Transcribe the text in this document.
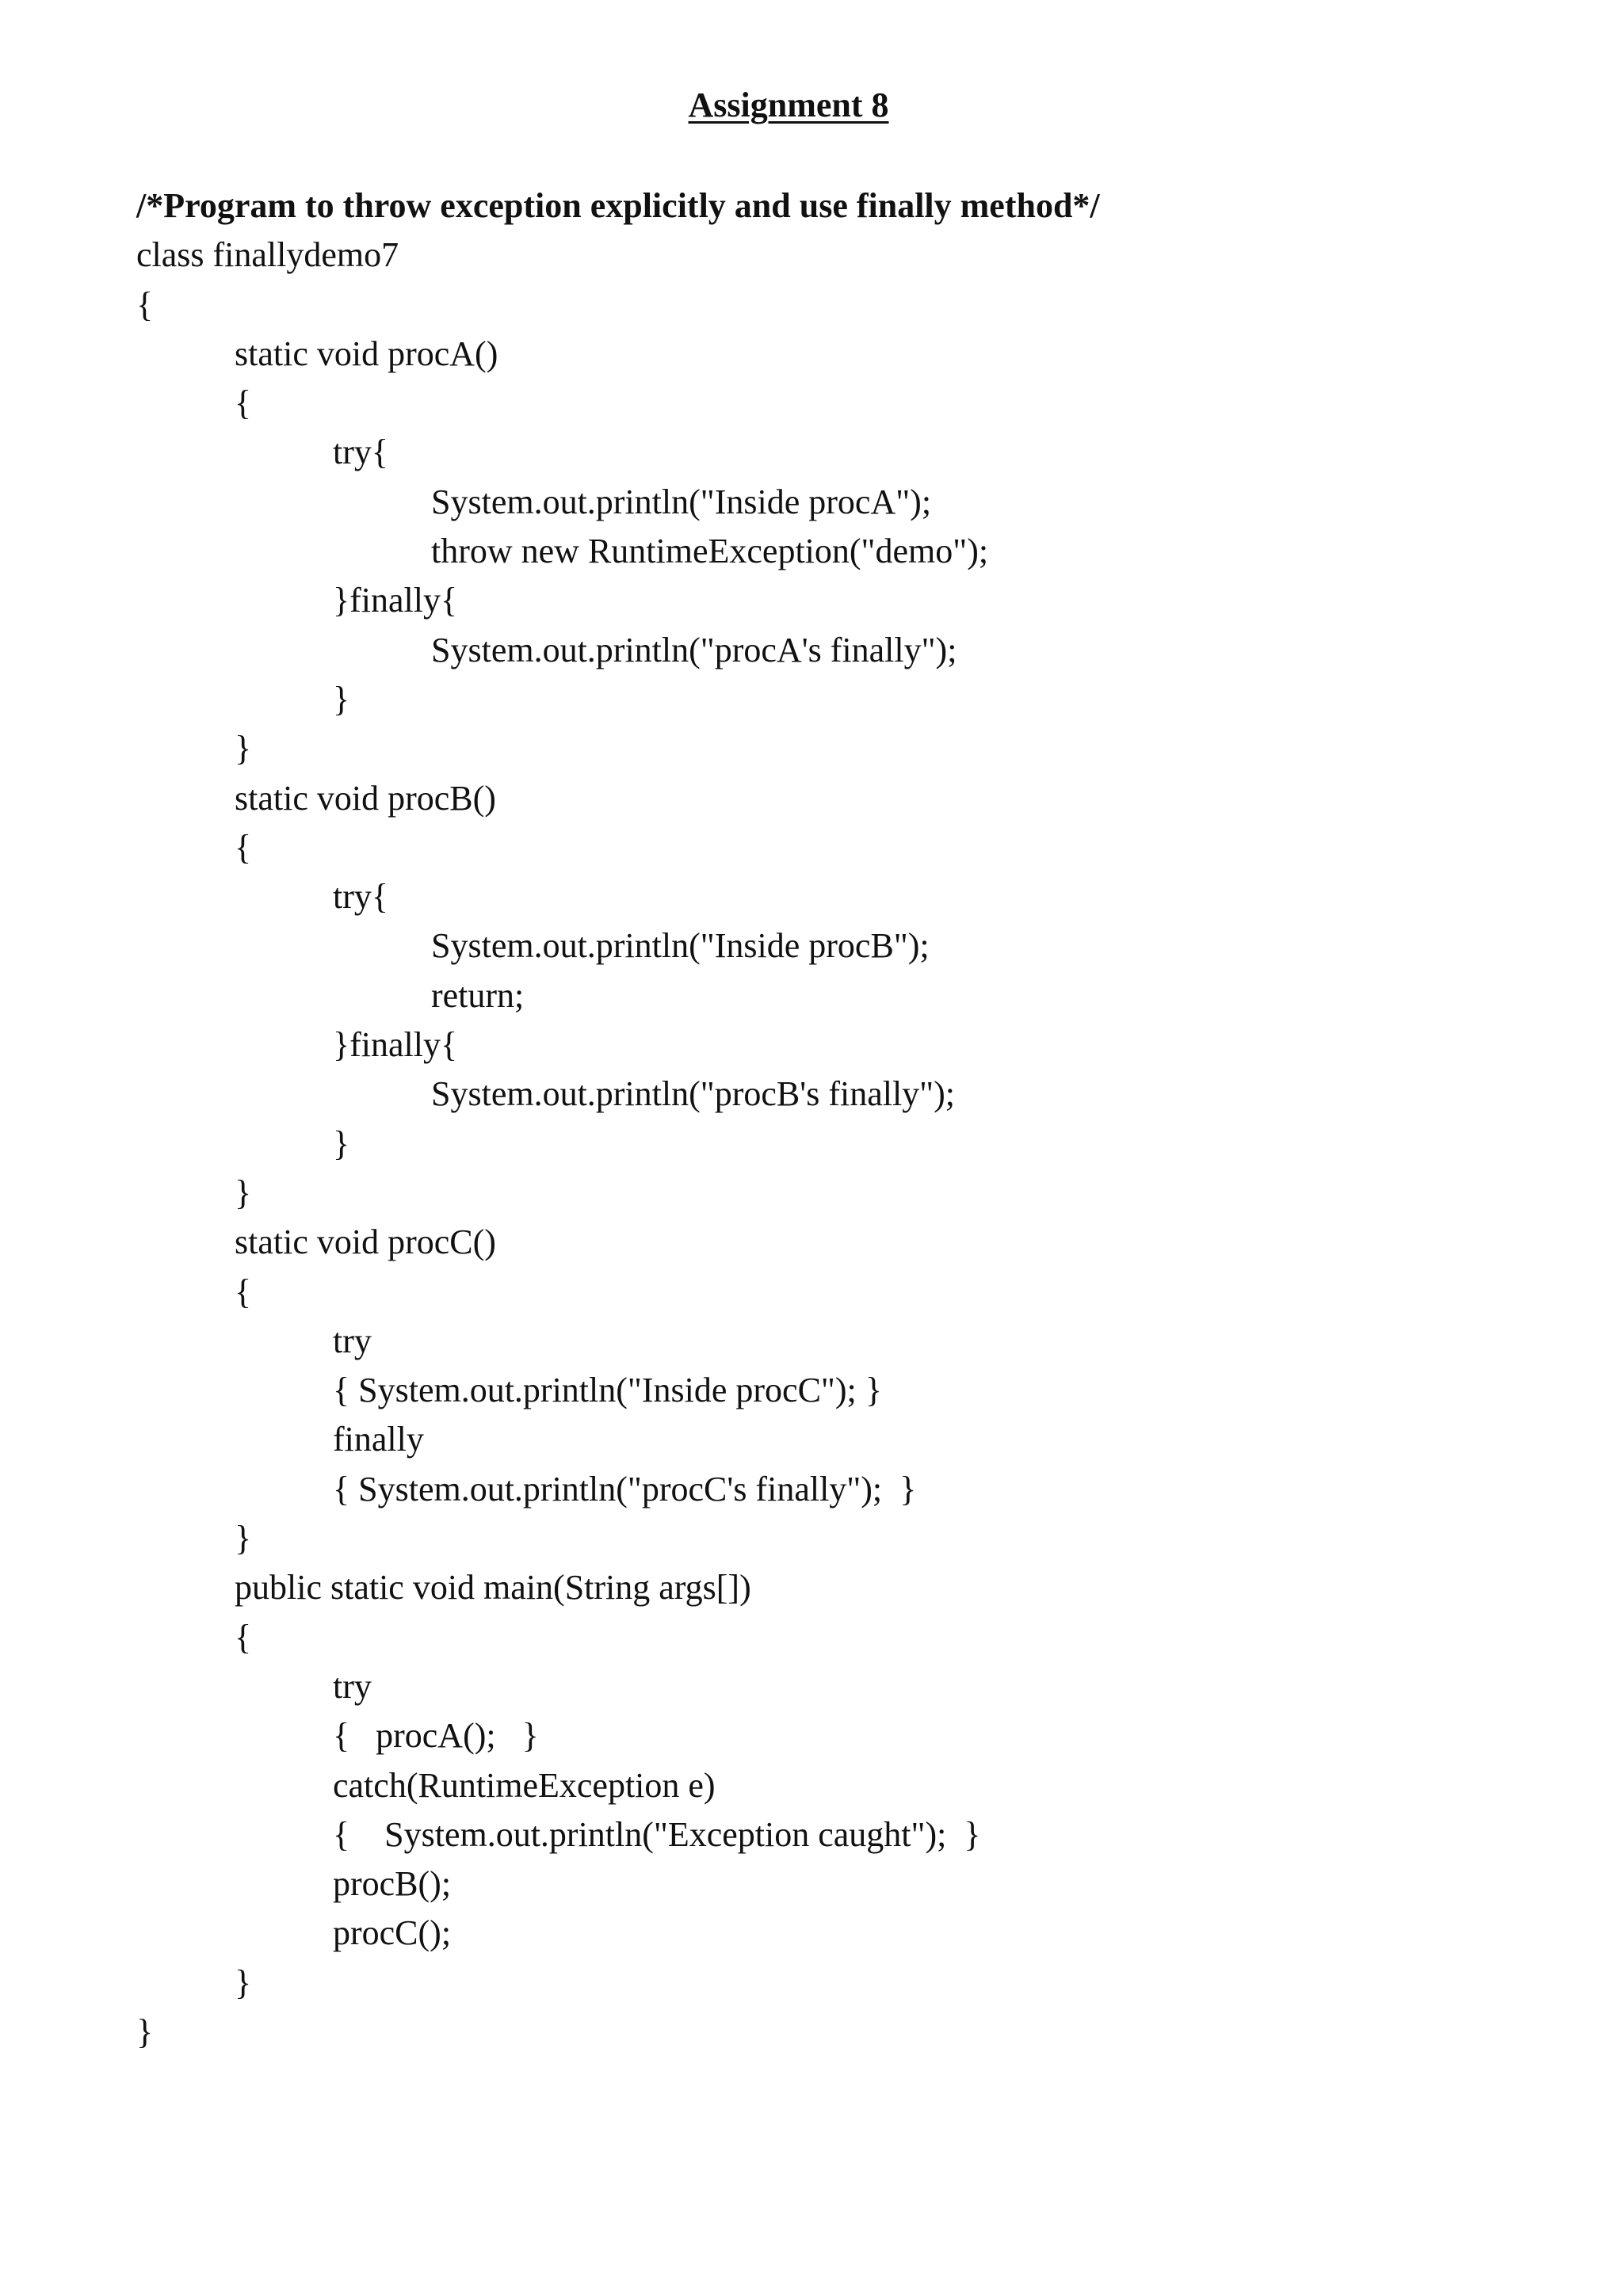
Assignment 8
/*Program to throw exception explicitly and use finally method*/
class finallydemo7
{
static void procA()
{
try{
System.out.println("Inside procA");
throw new RuntimeException("demo");
}finally{
System.out.println("procA's finally");
}
}
static void procB()
{
try{
System.out.println("Inside procB");
return;
}finally{
System.out.println("procB's finally");
}
}
static void procC()
{
try
{ System.out.println("Inside procC"); }
finally
{ System.out.println("procC's finally");  }
}
public static void main(String args[])
{
try
{   procA();   }
catch(RuntimeException e)
{    System.out.println("Exception caught");  }
procB();
procC();
}
}
